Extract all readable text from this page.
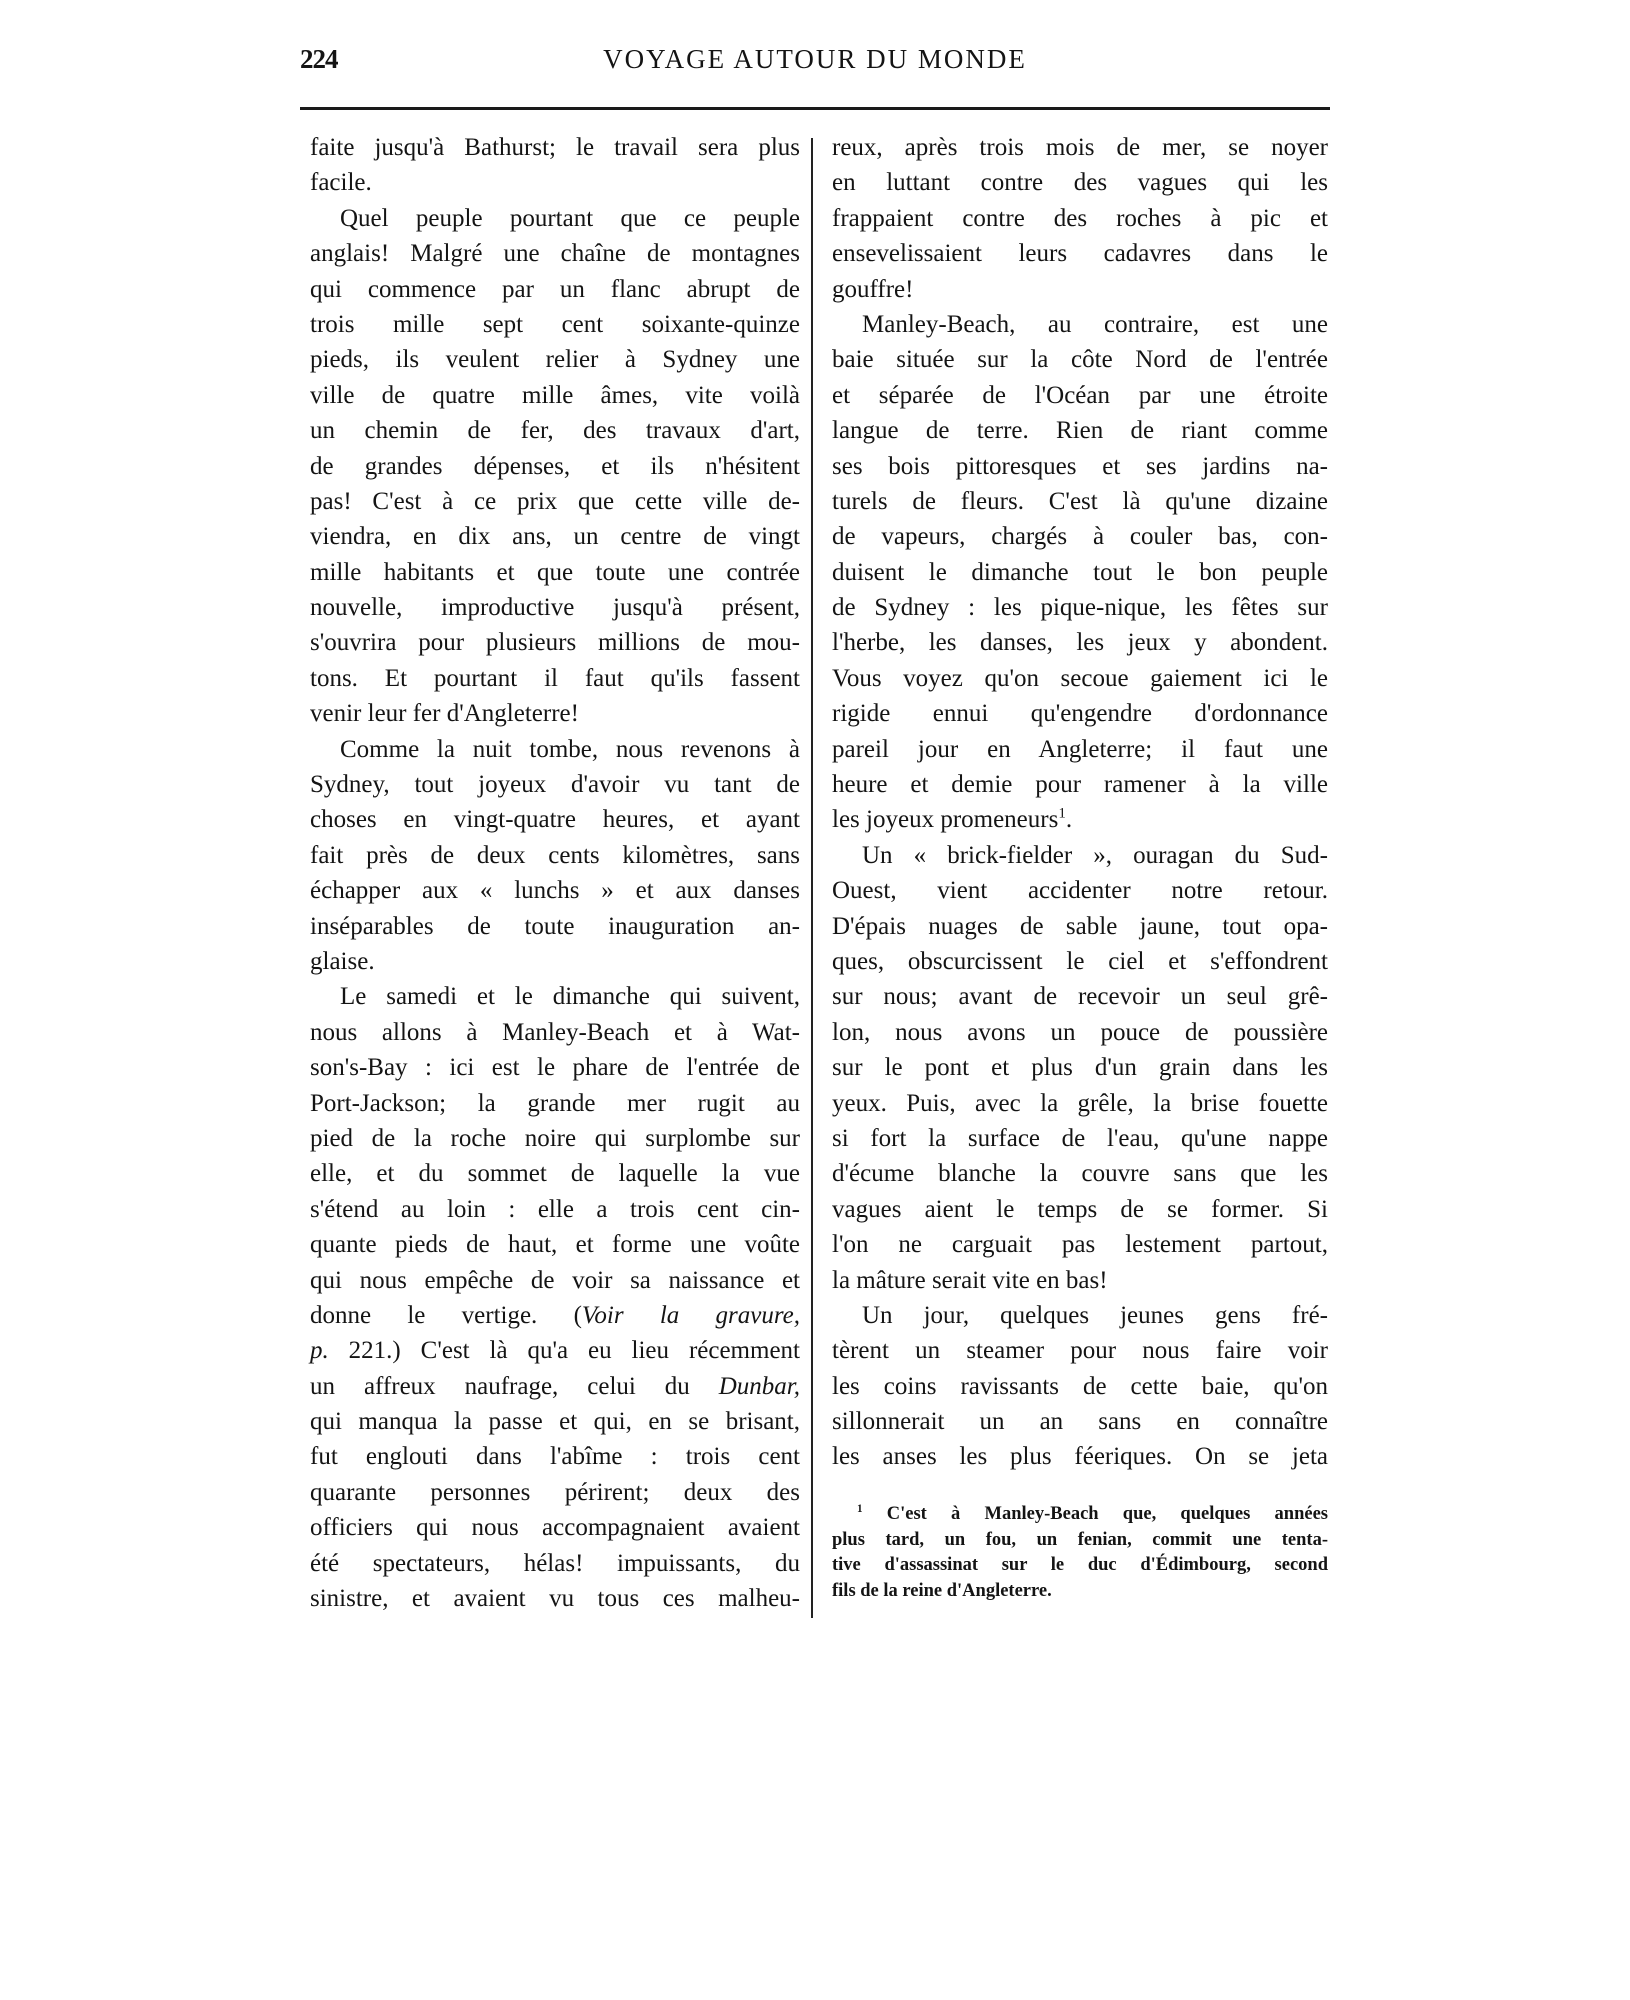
224	VOYAGE AUTOUR DU MONDE
faite jusqu'à Bathurst; le travail sera plus
facile.
Quel peuple pourtant que ce peuple
anglais! Malgré une chaîne de montagnes
qui commence par un flanc abrupt de
trois mille sept cent soixante-quinze
pieds, ils veulent relier à Sydney une
ville de quatre mille âmes, vite voilà
un chemin de fer, des travaux d'art,
de grandes dépenses, et ils n'hésitent
pas! C'est à ce prix que cette ville de-
viendra, en dix ans, un centre de vingt
mille habitants et que toute une contrée
nouvelle, improductive jusqu'à présent,
s'ouvrira pour plusieurs millions de mou-
tons. Et pourtant il faut qu'ils fassent
venir leur fer d'Angleterre!
Comme la nuit tombe, nous revenons à
Sydney, tout joyeux d'avoir vu tant de
choses en vingt-quatre heures, et ayant
fait près de deux cents kilomètres, sans
échapper aux « lunchs » et aux danses
inséparables de toute inauguration an-
glaise.
Le samedi et le dimanche qui suivent,
nous allons à Manley-Beach et à Wat-
son's-Bay : ici est le phare de l'entrée de
Port-Jackson; la grande mer rugit au
pied de la roche noire qui surplombe sur
elle, et du sommet de laquelle la vue
s'étend au loin : elle a trois cent cin-
quante pieds de haut, et forme une voûte
qui nous empêche de voir sa naissance et
donne le vertige. (Voir la gravure,
p. 221.) C'est là qu'a eu lieu récemment
un affreux naufrage, celui du Dunbar,
qui manqua la passe et qui, en se brisant,
fut englouti dans l'abîme : trois cent
quarante personnes périrent; deux des
officiers qui nous accompagnaient avaient
été spectateurs, hélas! impuissants, du
sinistre, et avaient vu tous ces malheu-
reux, après trois mois de mer, se noyer
en luttant contre des vagues qui les
frappaient contre des roches à pic et
ensevelissaient leurs cadavres dans le
gouffre!
Manley-Beach, au contraire, est une
baie située sur la côte Nord de l'entrée
et séparée de l'Océan par une étroite
langue de terre. Rien de riant comme
ses bois pittoresques et ses jardins na-
turels de fleurs. C'est là qu'une dizaine
de vapeurs, chargés à couler bas, con-
duisent le dimanche tout le bon peuple
de Sydney : les pique-nique, les fêtes sur
l'herbe, les danses, les jeux y abondent.
Vous voyez qu'on secoue gaiement ici le
rigide ennui qu'engendre d'ordonnance
pareil jour en Angleterre; il faut une
heure et demie pour ramener à la ville
les joyeux promeneurs$^1$.
Un « brick-fielder », ouragan du Sud-
Ouest, vient accidenter notre retour.
D'épais nuages de sable jaune, tout opa-
ques, obscurcissent le ciel et s'effondrent
sur nous; avant de recevoir un seul grê-
lon, nous avons un pouce de poussière
sur le pont et plus d'un grain dans les
yeux. Puis, avec la grêle, la brise fouette
si fort la surface de l'eau, qu'une nappe
d'écume blanche la couvre sans que les
vagues aient le temps de se former. Si
l'on ne carguait pas lestement partout,
la mâture serait vite en bas!
Un jour, quelques jeunes gens fré-
tèrent un steamer pour nous faire voir
les coins ravissants de cette baie, qu'on
sillonnerait un an sans en connaître
les anses les plus féeriques. On se jeta
$^1$ C'est à Manley-Beach que, quelques années
plus tard, un fou, un fenian, commit une tenta-
tive d'assassinat sur le duc d'Édimbourg, second
fils de la reine d'Angleterre.
